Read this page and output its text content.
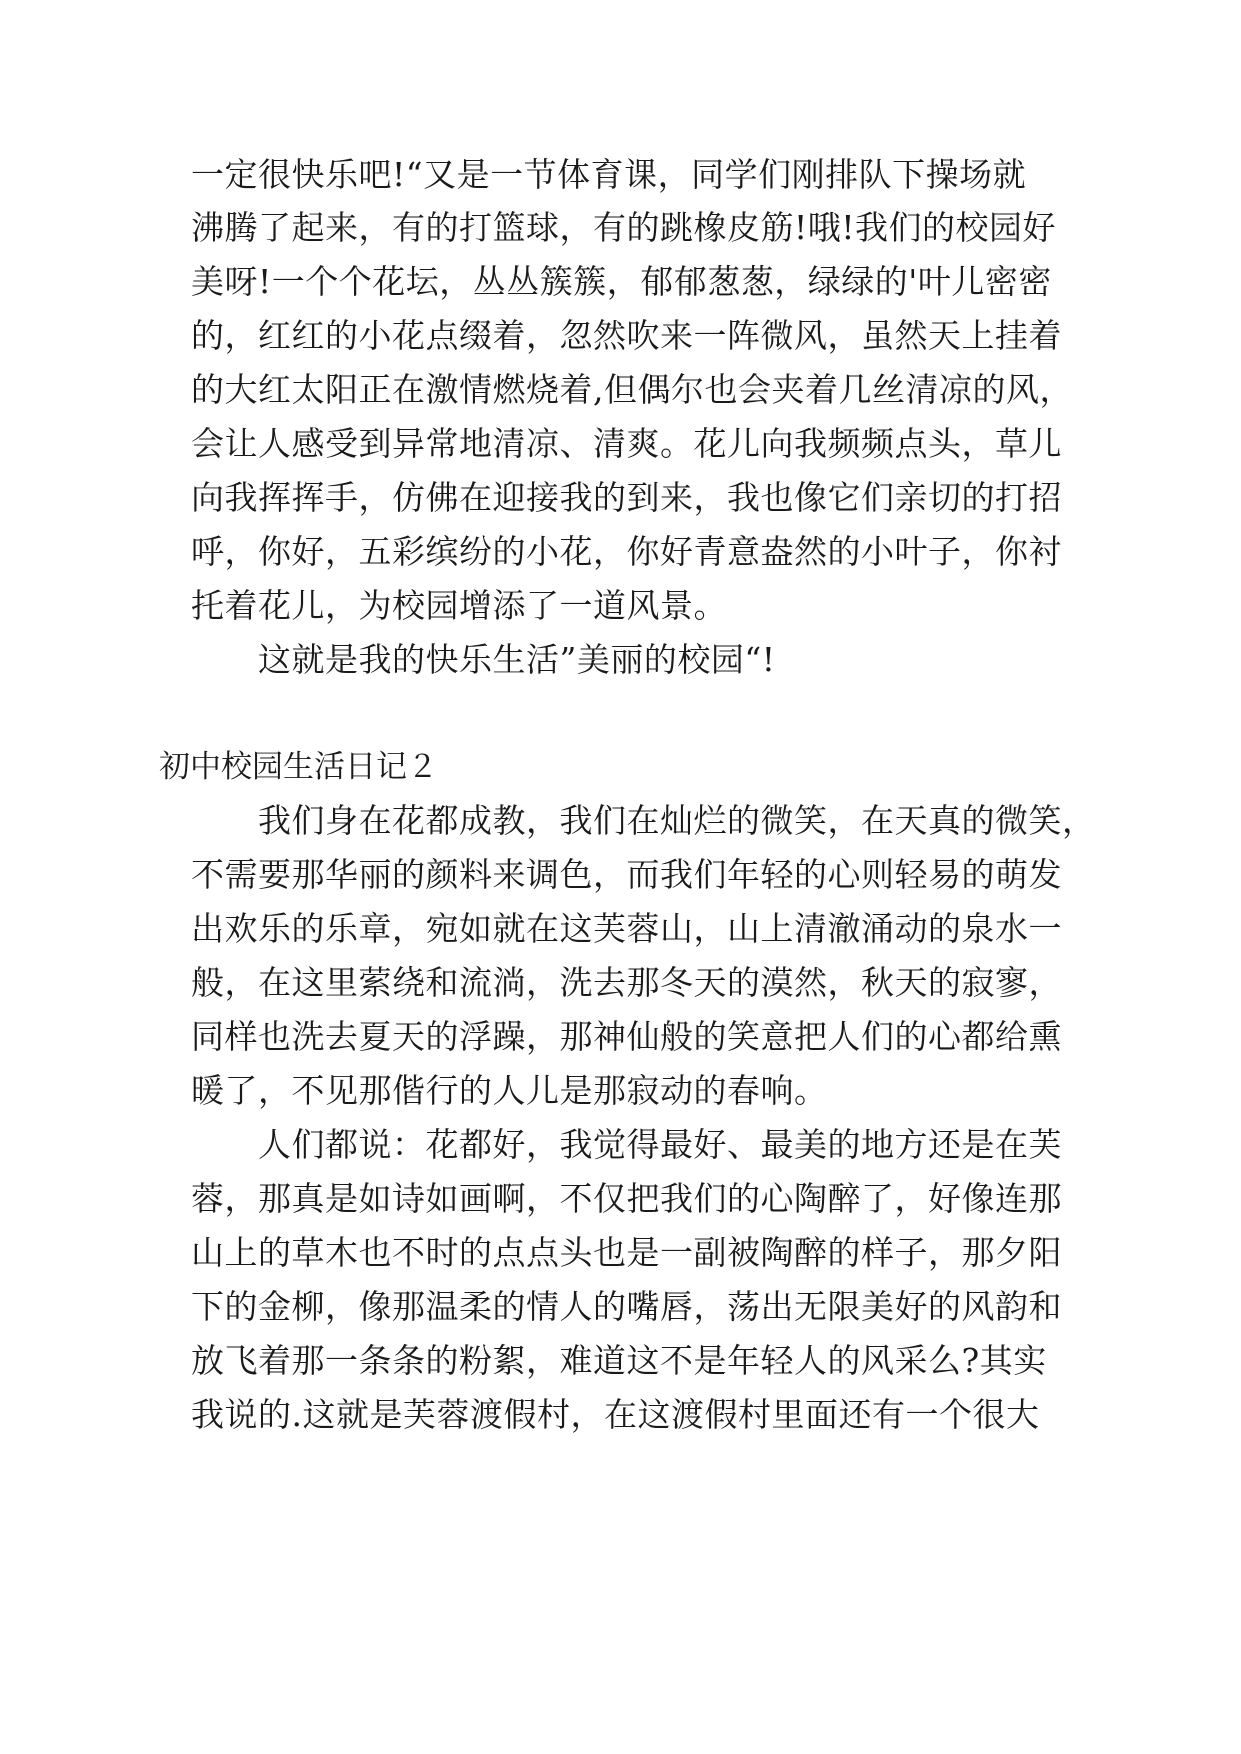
一定很快乐吧!“又是一节体育课，同学们刚排队下操场就
沸腾了起来，有的打篮球，有的跳橡皮筋!哦!我们的校园好
美呀!一个个花坛，丛丛簇簇，郁郁葱葱，绿绿的'叶儿密密
的，红红的小花点缀着，忽然吹来一阵微风，虽然天上挂着
的大红太阳正在激情燃烧着,但偶尔也会夹着几丝清凉的风，
会让人感受到异常地清凉、清爽。花儿向我频频点头，草儿
向我挥挥手，仿佛在迎接我的到来，我也像它们亲切的打招
呼，你好，五彩缤纷的小花，你好青意盎然的小叶子，你衬
托着花儿，为校园增添了一道风景。
　　这就是我的快乐生活”美丽的校园“!
初中校园生活日记２
　　我们身在花都成教，我们在灿烂的微笑，在天真的微笑，
不需要那华丽的颜料来调色，而我们年轻的心则轻易的萌发
出欢乐的乐章，宛如就在这芙蓉山，山上清澈涌动的泉水一
般，在这里萦绕和流淌，洗去那冬天的漠然，秋天的寂寥，
同样也洗去夏天的浮躁，那神仙般的笑意把人们的心都给熏
暖了，不见那偕行的人儿是那寂动的春响。
　　人们都说：花都好，我觉得最好、最美的地方还是在芙
蓉，那真是如诗如画啊，不仅把我们的心陶醉了，好像连那
山上的草木也不时的点点头也是一副被陶醉的样子，那夕阳
下的金柳，像那温柔的情人的嘴唇，荡出无限美好的风韵和
放飞着那一条条的粉絮，难道这不是年轻人的风采么?其实
我说的.这就是芙蓉渡假村，在这渡假村里面还有一个很大
